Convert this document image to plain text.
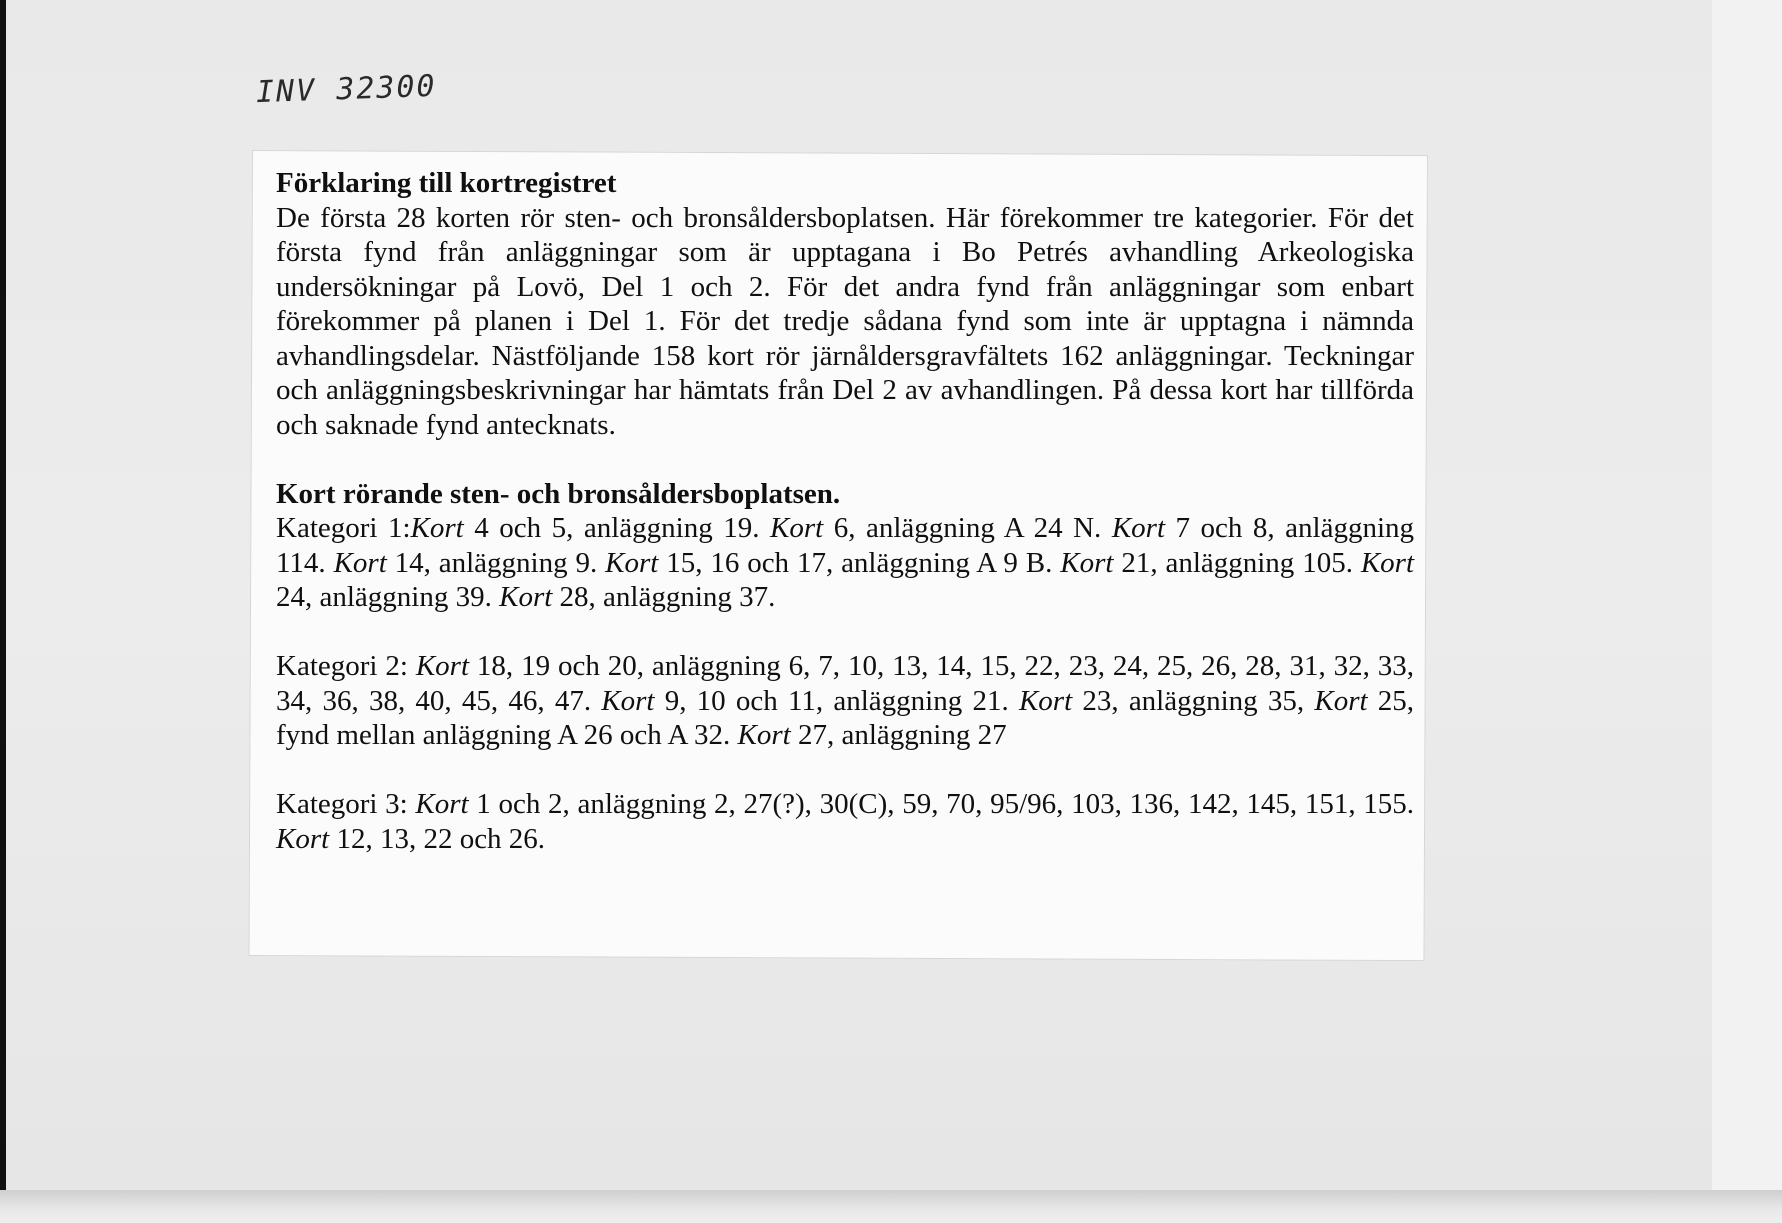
INV 32300

Förklaring till kortregistret

De första 28 korten rör sten- och bronsåldersboplatsen. Här förekommer tre kategorier. För det första fynd från anläggningar som är upptagana i Bo Petrés avhandling Arkeologiska undersökningar på Lovö, Del 1 och 2. För det andra fynd från anläggningar som enbart förekommer på planen i Del 1. För det tredje sådana fynd som inte är upptagna i nämnda avhandlingsdelar. Nästföljande 158 kort rör järnåldersgravfältets 162 anläggningar. Teckningar och anläggningsbeskrivningar har hämtats från Del 2 av avhandlingen. På dessa kort har tillförda och saknade fynd antecknats.

Kort rörande sten- och bronsåldersboplatsen.

Kategori 1:Kort 4 och 5, anläggning 19. Kort 6, anläggning A 24 N. Kort 7 och 8, anläggning 114. Kort 14, anläggning 9. Kort 15, 16 och 17, anläggning A 9 B. Kort 21, anläggning 105. Kort 24, anläggning 39. Kort 28, anläggning 37.

Kategori 2: Kort 18, 19 och 20, anläggning 6, 7, 10, 13, 14, 15, 22, 23, 24, 25, 26, 28, 31, 32, 33, 34, 36, 38, 40, 45, 46, 47. Kort 9, 10 och 11, anläggning 21. Kort 23, anläggning 35, Kort 25, fynd mellan anläggning A 26 och A 32. Kort 27, anläggning 27

Kategori 3: Kort 1 och 2, anläggning 2, 27(?), 30(C), 59, 70, 95/96, 103, 136, 142, 145, 151, 155. Kort 12, 13, 22 och 26.
